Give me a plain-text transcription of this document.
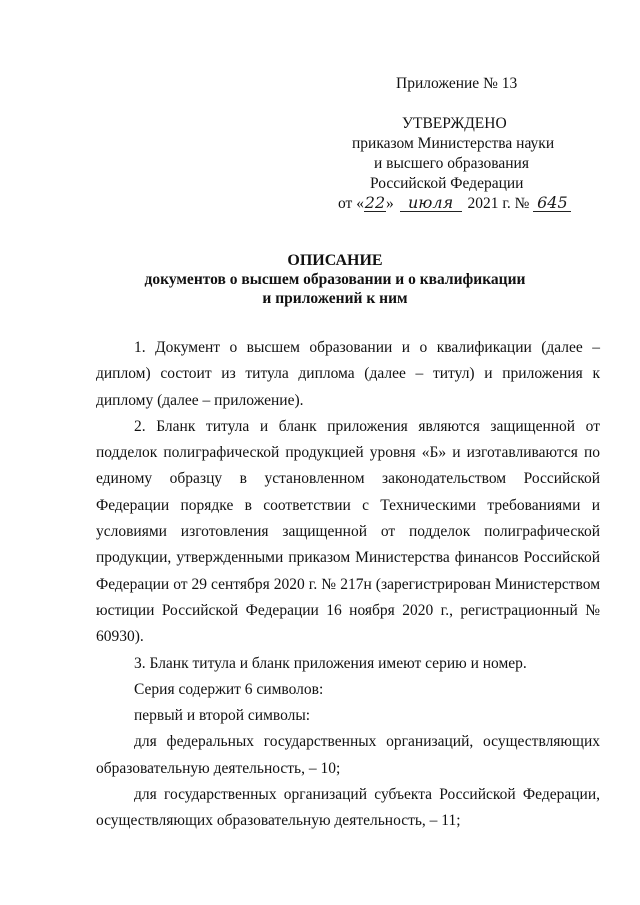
Приложение № 13
УТВЕРЖДЕНО
приказом Министерства науки
и высшего образования
Российской Федерации
от «22» июля 2021 г. № 645
ОПИСАНИЕ
документов о высшем образовании и о квалификации
и приложений к ним

1. Документ о высшем образовании и о квалификации (далее – диплом) состоит из титула диплома (далее – титул) и приложения к диплому (далее – приложение).

2. Бланк титула и бланк приложения являются защищенной от подделок полиграфической продукцией уровня «Б» и изготавливаются по единому образцу в установленном законодательством Российской Федерации порядке в соответствии с Техническими требованиями и условиями изготовления защищенной от подделок полиграфической продукции, утвержденными приказом Министерства финансов Российской Федерации от 29 сентября 2020 г. № 217н (зарегистрирован Министерством юстиции Российской Федерации 16 ноября 2020 г., регистрационный № 60930).

3. Бланк титула и бланк приложения имеют серию и номер.

Серия содержит 6 символов:

первый и второй символы:

для федеральных государственных организаций, осуществляющих образовательную деятельность, – 10;

для государственных организаций субъекта Российской Федерации, осуществляющих образовательную деятельность, – 11;
